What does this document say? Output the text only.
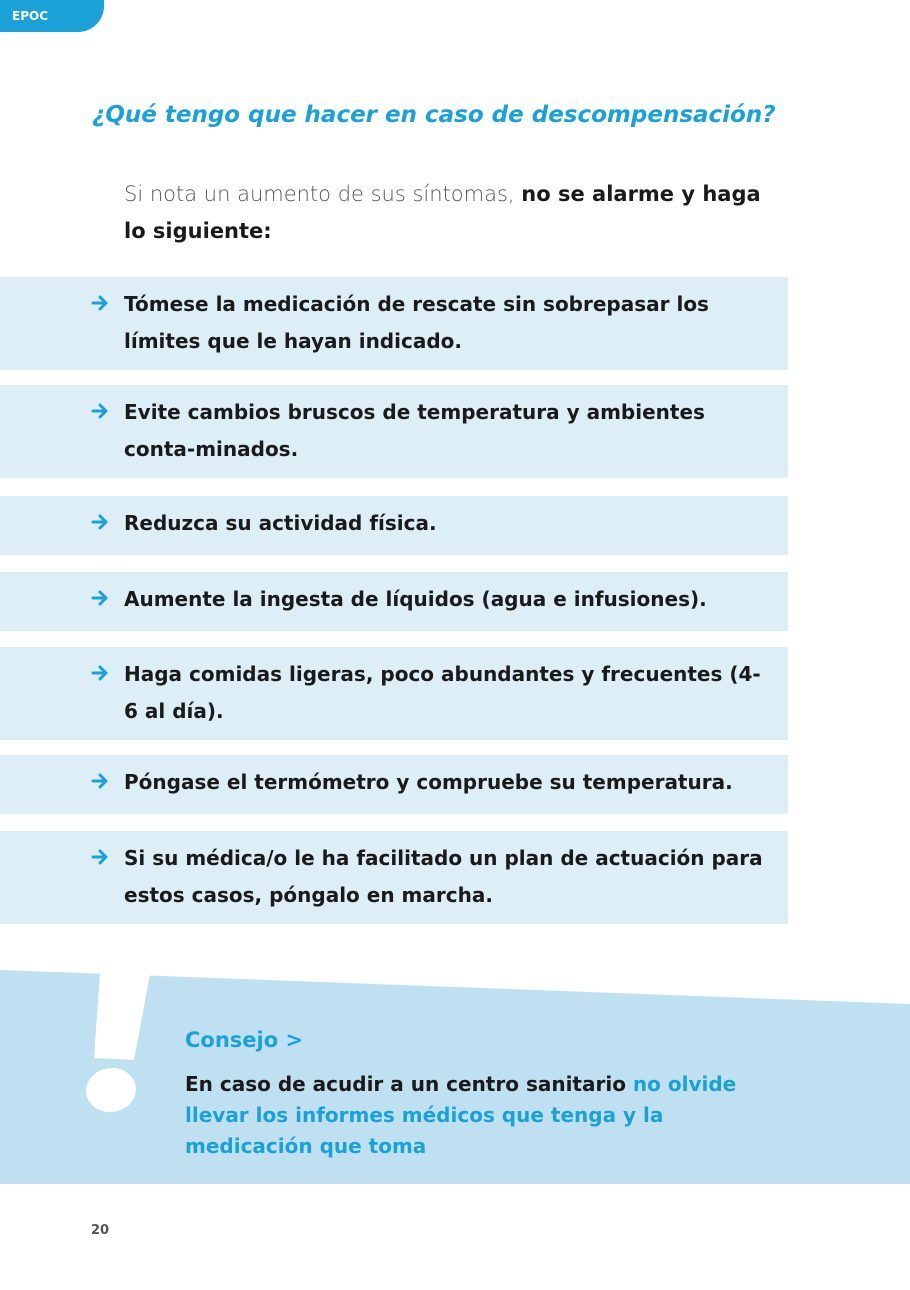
EPOC
¿Qué tengo que hacer en caso de descompensación?

Si nota un aumento de sus síntomas, no se alarme y haga lo siguiente:

Tómese la medicación de rescate sin sobrepasar los límites que le hayan indicado.
Evite cambios bruscos de temperatura y ambientes conta-minados.
Reduzca su actividad física.
Aumente la ingesta de líquidos (agua e infusiones).
Haga comidas ligeras, poco abundantes y frecuentes (4-6 al día).
Póngase el termómetro y compruebe su temperatura.
Si su médica/o le ha facilitado un plan de actuación para estos casos, póngalo en marcha.

Consejo >

En caso de acudir a un centro sanitario no olvide llevar los informes médicos que tenga y la medicación que toma

20
